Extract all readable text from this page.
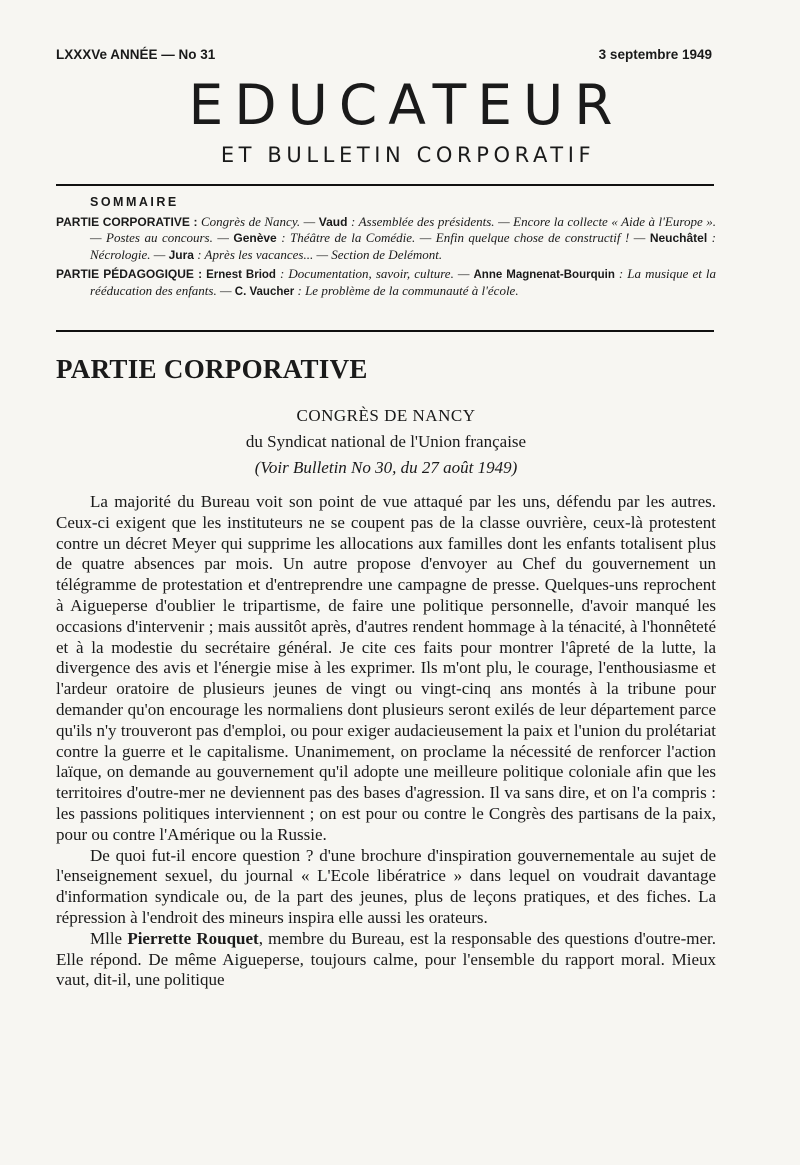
LXXXVe ANNÉE — No 31	3 septembre 1949
EDUCATEUR
ET BULLETIN CORPORATIF
SOMMAIRE

PARTIE CORPORATIVE : Congrès de Nancy. — Vaud : Assemblée des présidents. — Encore la collecte « Aide à l'Europe ». — Postes au concours. — Genève : Théâtre de la Comédie. — Enfin quelque chose de constructif ! — Neuchâtel : Nécrologie. — Jura : Après les vacances... — Section de Delémont.

PARTIE PÉDAGOGIQUE : Ernest Briod : Documentation, savoir, culture. — Anne Magnenat-Bourquin : La musique et la rééducation des enfants. — C. Vaucher : Le problème de la communauté à l'école.

PARTIE CORPORATIVE
CONGRÈS DE NANCY
du Syndicat national de l'Union française
(Voir Bulletin No 30, du 27 août 1949)

La majorité du Bureau voit son point de vue attaqué par les uns, défendu par les autres. Ceux-ci exigent que les instituteurs ne se coupent pas de la classe ouvrière, ceux-là protestent contre un décret Meyer qui supprime les allocations aux familles dont les enfants totalisent plus de quatre absences par mois. Un autre propose d'envoyer au Chef du gouvernement un télégramme de protestation et d'entreprendre une campagne de presse. Quelques-uns reprochent à Aigueperse d'oublier le tripartisme, de faire une politique personnelle, d'avoir manqué les occasions d'intervenir ; mais aussitôt après, d'autres rendent hommage à la ténacité, à l'honnêteté et à la modestie du secrétaire général. Je cite ces faits pour montrer l'âpreté de la lutte, la divergence des avis et l'énergie mise à les exprimer. Ils m'ont plu, le courage, l'enthousiasme et l'ardeur oratoire de plusieurs jeunes de vingt ou vingt-cinq ans montés à la tribune pour demander qu'on encourage les normaliens dont plusieurs seront exilés de leur département parce qu'ils n'y trouveront pas d'emploi, ou pour exiger audacieusement la paix et l'union du prolétariat contre la guerre et le capitalisme. Unanimement, on proclame la nécessité de renforcer l'action laïque, on demande au gouvernement qu'il adopte une meilleure politique coloniale afin que les territoires d'outre-mer ne deviennent pas des bases d'agression. Il va sans dire, et on l'a compris : les passions politiques interviennent ; on est pour ou contre le Congrès des partisans de la paix, pour ou contre l'Amérique ou la Russie.

De quoi fut-il encore question ? d'une brochure d'inspiration gouvernementale au sujet de l'enseignement sexuel, du journal « L'Ecole libératrice » dans lequel on voudrait davantage d'information syndicale ou, de la part des jeunes, plus de leçons pratiques, et des fiches. La répression à l'endroit des mineurs inspira elle aussi les orateurs.

Mlle Pierrette Rouquet, membre du Bureau, est la responsable des questions d'outre-mer. Elle répond. De même Aigueperse, toujours calme, pour l'ensemble du rapport moral. Mieux vaut, dit-il, une politique
